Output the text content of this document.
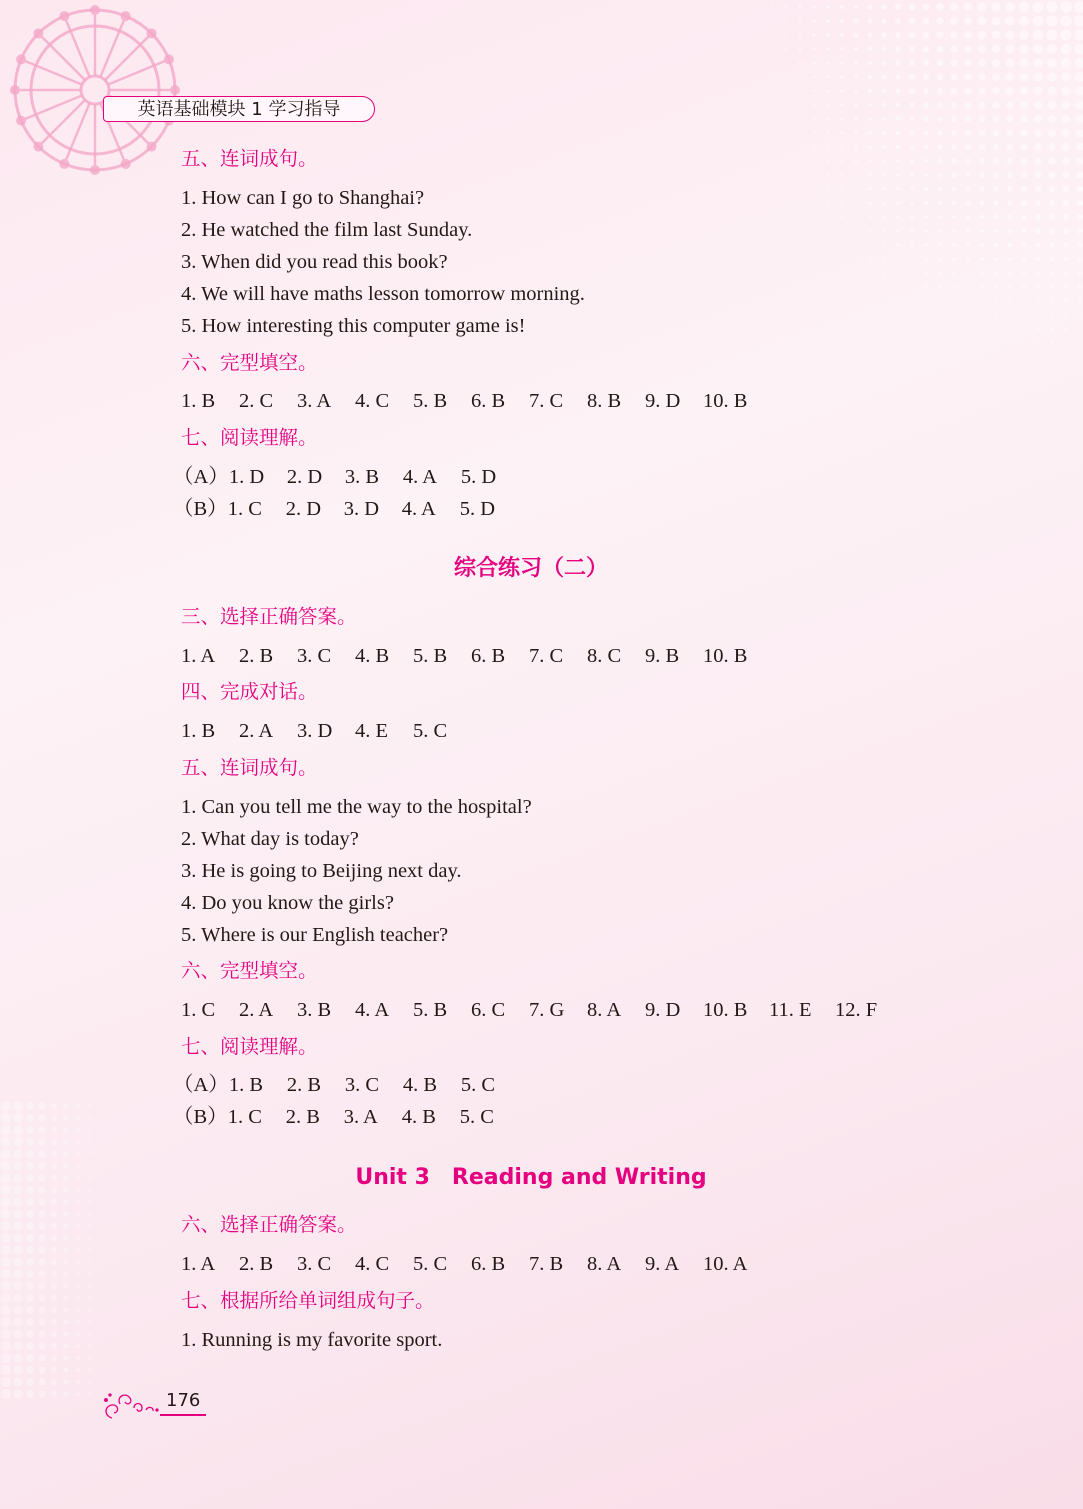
英语基础模块 1 学习指导
五、连词成句。
1. How can I go to Shanghai?
2. He watched the film last Sunday.
3. When did you read this book?
4. We will have maths lesson tomorrow morning.
5. How interesting this computer game is!
六、完型填空。
1. B 2. C 3. A 4. C 5. B 6. B 7. C 8. B 9. D 10. B
七、阅读理解。
（A）1. D 2. D 3. B 4. A 5. D
（B）1. C 2. D 3. D 4. A 5. D
综合练习（二）
三、选择正确答案。
1. A 2. B 3. C 4. B 5. B 6. B 7. C 8. C 9. B 10. B
四、完成对话。
1. B 2. A 3. D 4. E 5. C
五、连词成句。
1. Can you tell me the way to the hospital?
2. What day is today?
3. He is going to Beijing next day.
4. Do you know the girls?
5. Where is our English teacher?
六、完型填空。
1. C 2. A 3. B 4. A 5. B 6. C 7. G 8. A 9. D 10. B 11. E 12. F
七、阅读理解。
（A）1. B 2. B 3. C 4. B 5. C
（B）1. C 2. B 3. A 4. B 5. C
Unit 3　Reading and Writing
六、选择正确答案。
1. A 2. B 3. C 4. C 5. C 6. B 7. B 8. A 9. A 10. A
七、根据所给单词组成句子。
1. Running is my favorite sport.
176
